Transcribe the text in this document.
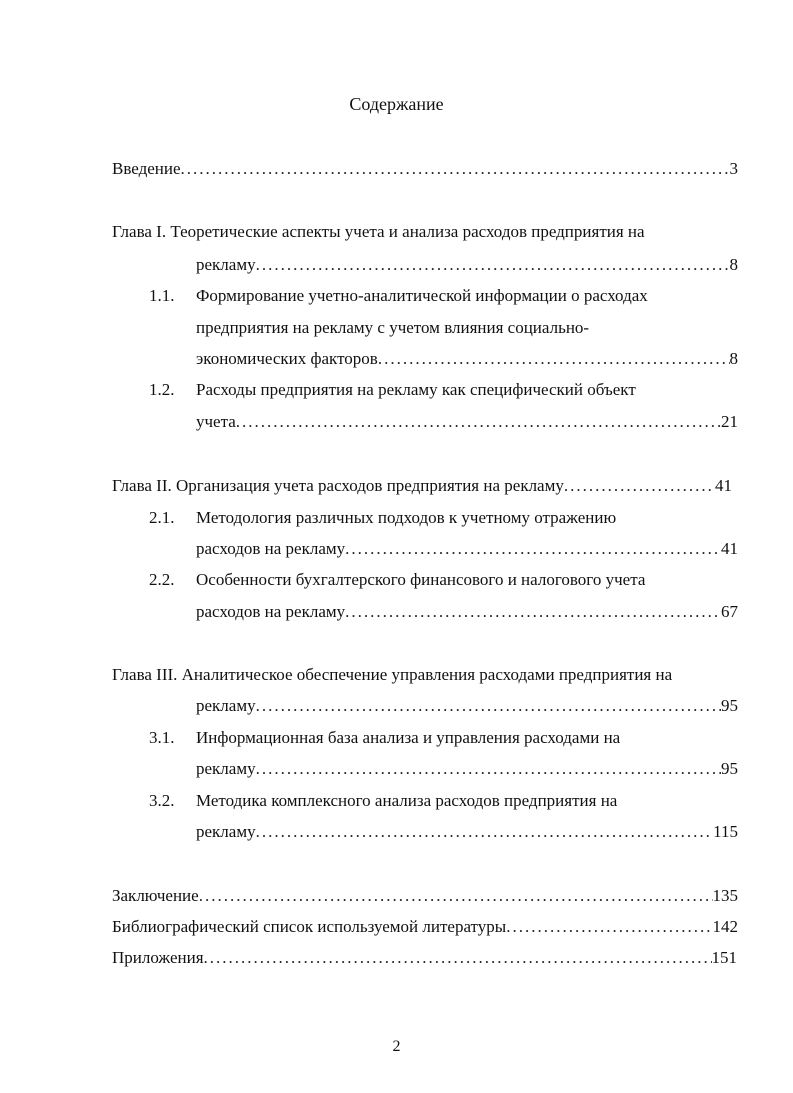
Содержание
Введение .....	3
Глава I. Теоретические аспекты учета и анализа расходов предприятия на
рекламу .....	8
1.1. Формирование учетно-аналитической информации о расходах
предприятия на рекламу с учетом влияния социально-
экономических факторов .....	8
1.2. Расходы предприятия на рекламу как специфический объект
учета .....	21
Глава II. Организация учета расходов предприятия на рекламу .....	41
2.1. Методология различных подходов к учетному отражению
расходов на рекламу .....	41
2.2. Особенности бухгалтерского финансового и налогового учета
расходов на рекламу .....	67
Глава III. Аналитическое обеспечение управления расходами предприятия на
рекламу .....	95
3.1. Информационная база анализа и управления расходами на
рекламу .....	95
3.2. Методика комплексного анализа расходов предприятия на
рекламу .....	115
Заключение .....	135
Библиографический список используемой литературы .....	142
Приложения .....	151
2
